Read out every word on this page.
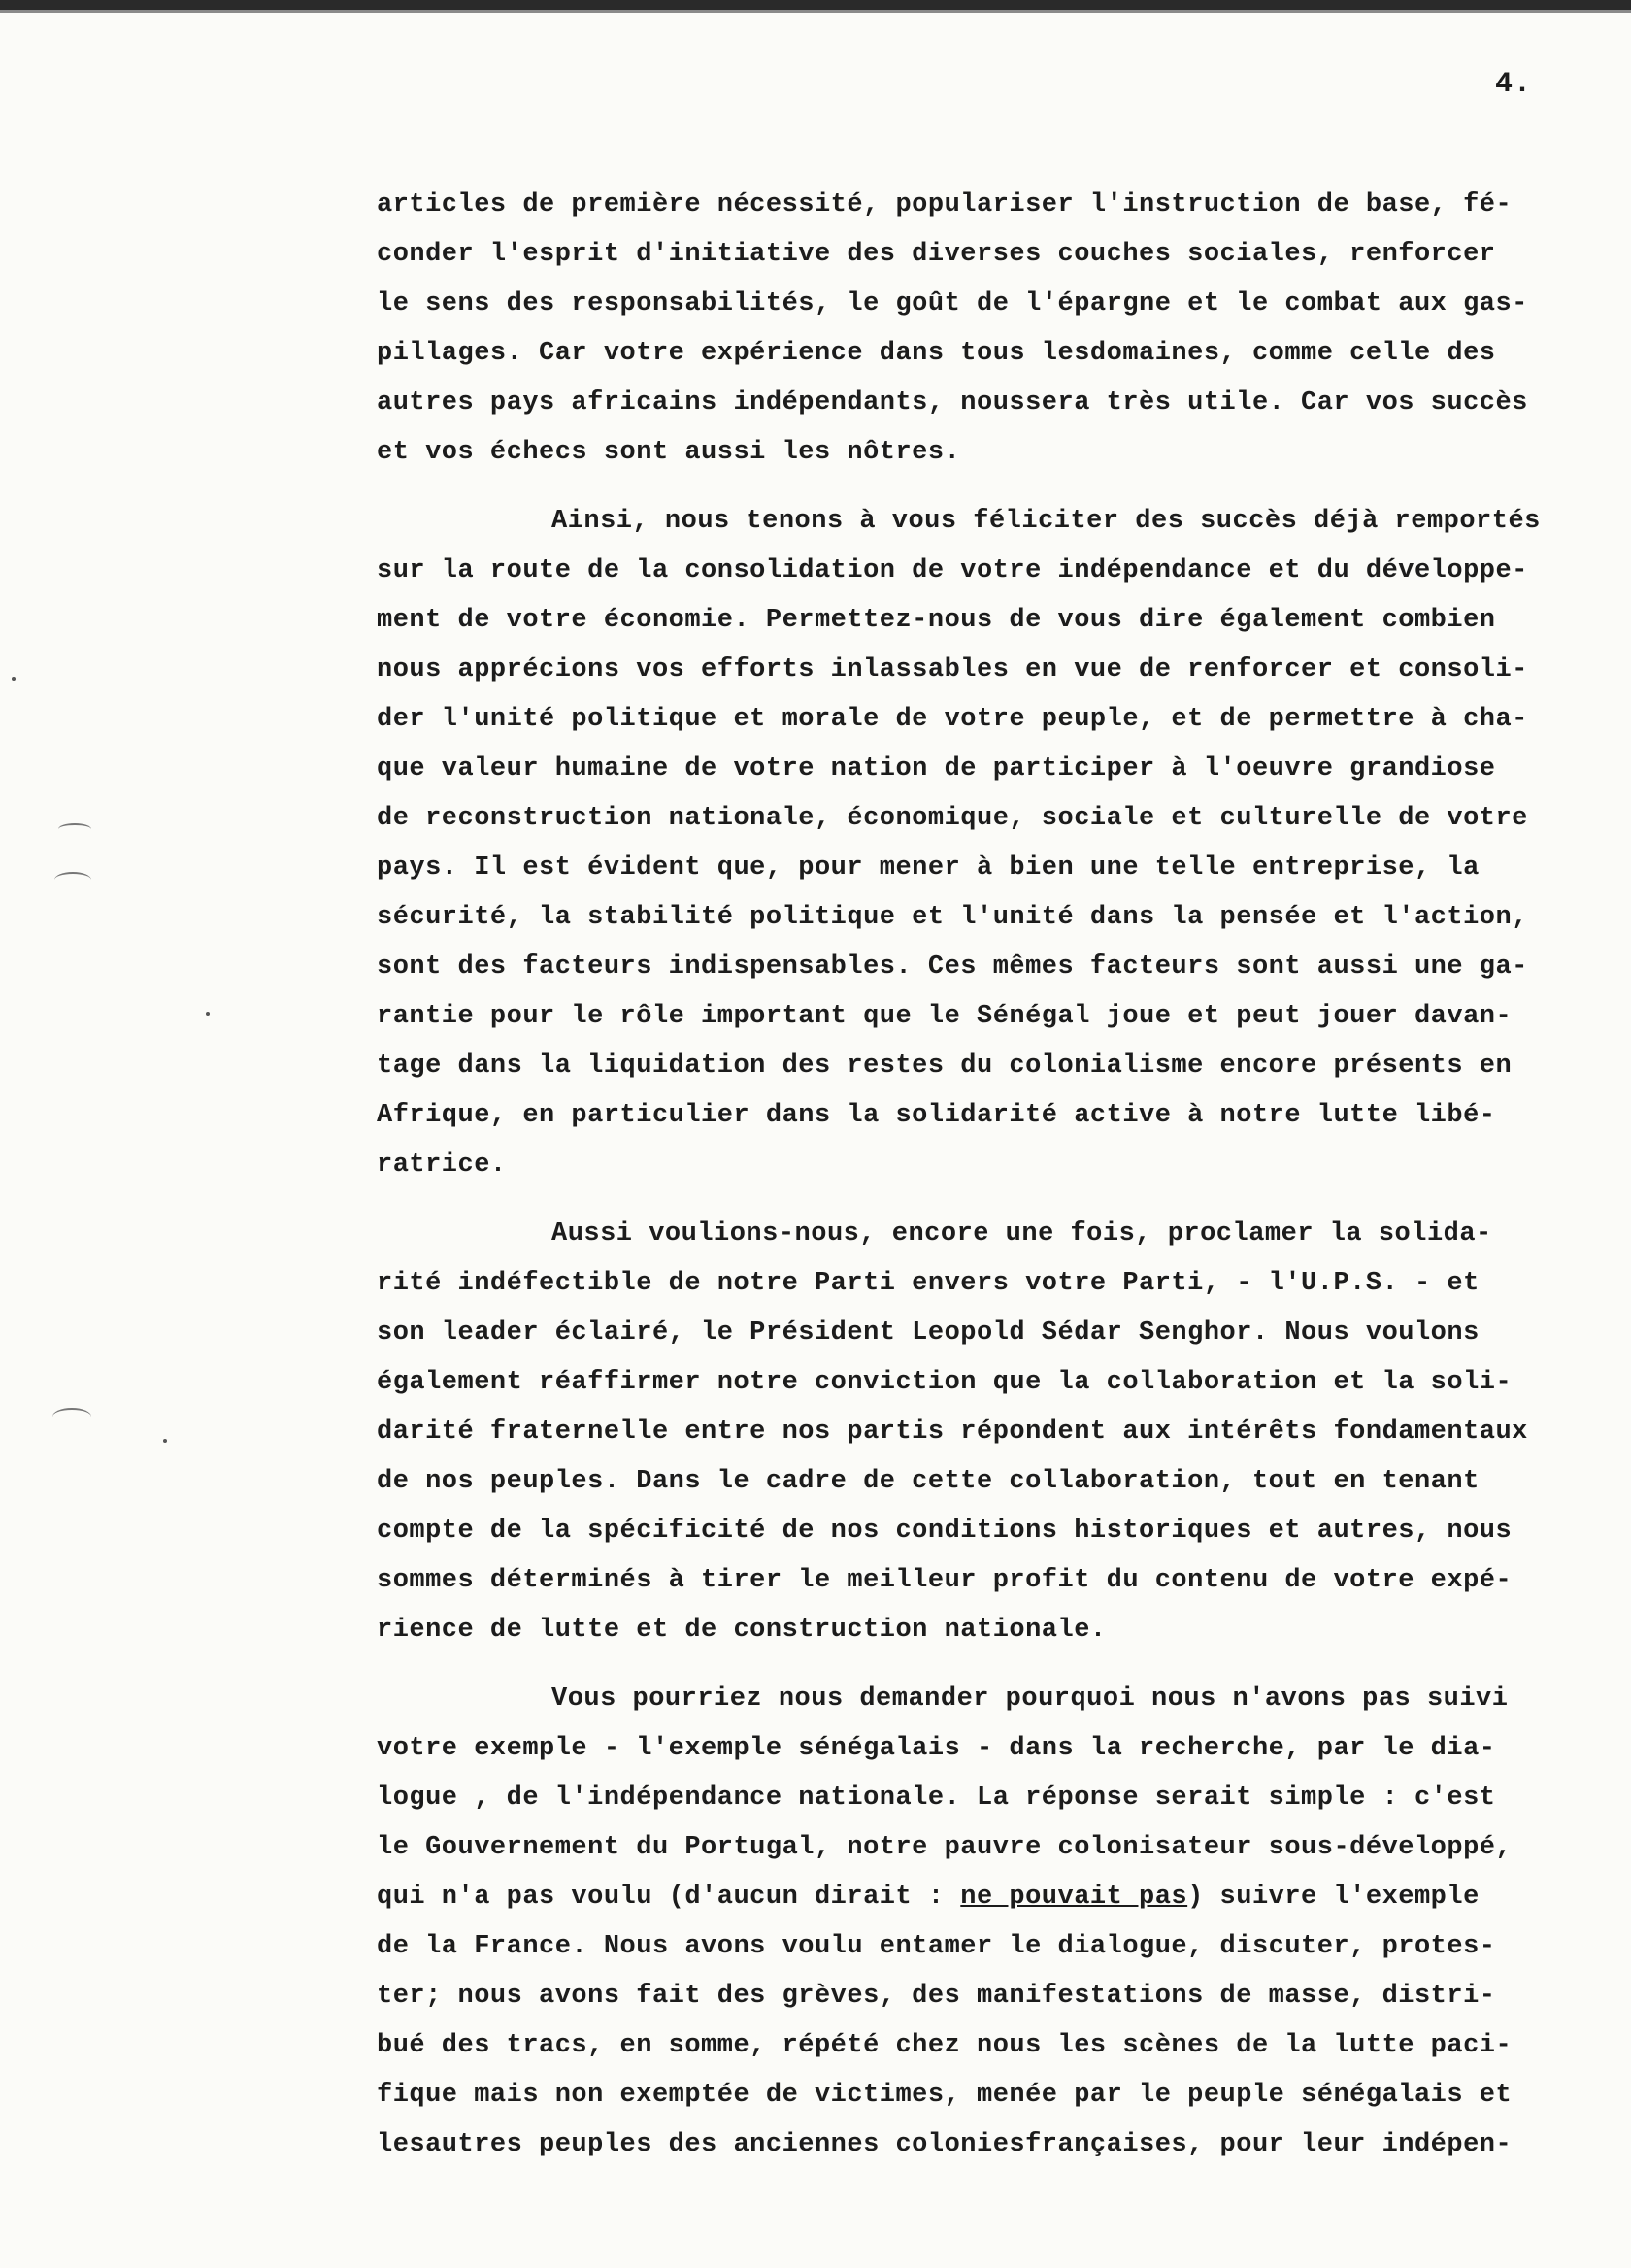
4.

articles de première nécessité, populariser l'instruction de base, fé-
conder l'esprit d'initiative des diverses couches sociales, renforcer
le sens des responsabilités, le goût de l'épargne et le combat aux gas-
pillages. Car votre expérience dans tous lesdomaines, comme celle des
autres pays africains indépendants, noussera très utile. Car vos succès
et vos échecs sont aussi les nôtres.

Ainsi, nous tenons à vous féliciter des succès déjà remportés
sur la route de la consolidation de votre indépendance et du développe-
ment de votre économie. Permettez-nous de vous dire également combien
nous apprécions vos efforts inlassables en vue de renforcer et consoli-
der l'unité politique et morale de votre peuple, et de permettre à cha-
que valeur humaine de votre nation de participer à l'oeuvre grandiose
de reconstruction nationale, économique, sociale et culturelle de votre
pays. Il est évident que, pour mener à bien une telle entreprise, la
sécurité, la stabilité politique et l'unité dans la pensée et l'action,
sont des facteurs indispensables. Ces mêmes facteurs sont aussi une ga-
rantie pour le rôle important que le Sénégal joue et peut jouer davan-
tage dans la liquidation des restes du colonialisme encore présents en
Afrique, en particulier dans la solidarité active à notre lutte libé-
ratrice.

Aussi voulions-nous, encore une fois, proclamer la solida-
rité indéfectible de notre Parti envers votre Parti, - l'U.P.S. - et
son leader éclairé, le Président Leopold Sédar Senghor. Nous voulons
également réaffirmer notre conviction que la collaboration et la soli-
darité fraternelle entre nos partis répondent aux intérêts fondamentaux
de nos peuples. Dans le cadre de cette collaboration, tout en tenant
compte de la spécificité de nos conditions historiques et autres, nous
sommes déterminés à tirer le meilleur profit du contenu de votre expé-
rience de lutte et de construction nationale.

Vous pourriez nous demander pourquoi nous n'avons pas suivi
votre exemple - l'exemple sénégalais - dans la recherche, par le dia-
logue , de l'indépendance nationale. La réponse serait simple : c'est
le Gouvernement du Portugal, notre pauvre colonisateur sous-développé,
qui n'a pas voulu (d'aucun dirait : ne pouvait pas) suivre l'exemple
de la France. Nous avons voulu entamer le dialogue, discuter, protes-
ter; nous avons fait des grèves, des manifestations de masse, distri-
bué des tracs, en somme, répété chez nous les scènes de la lutte paci-
fique mais non exemptée de victimes, menée par le peuple sénégalais et
lesautres peuples des anciennes coloniesfrançaises, pour leur indépen-
